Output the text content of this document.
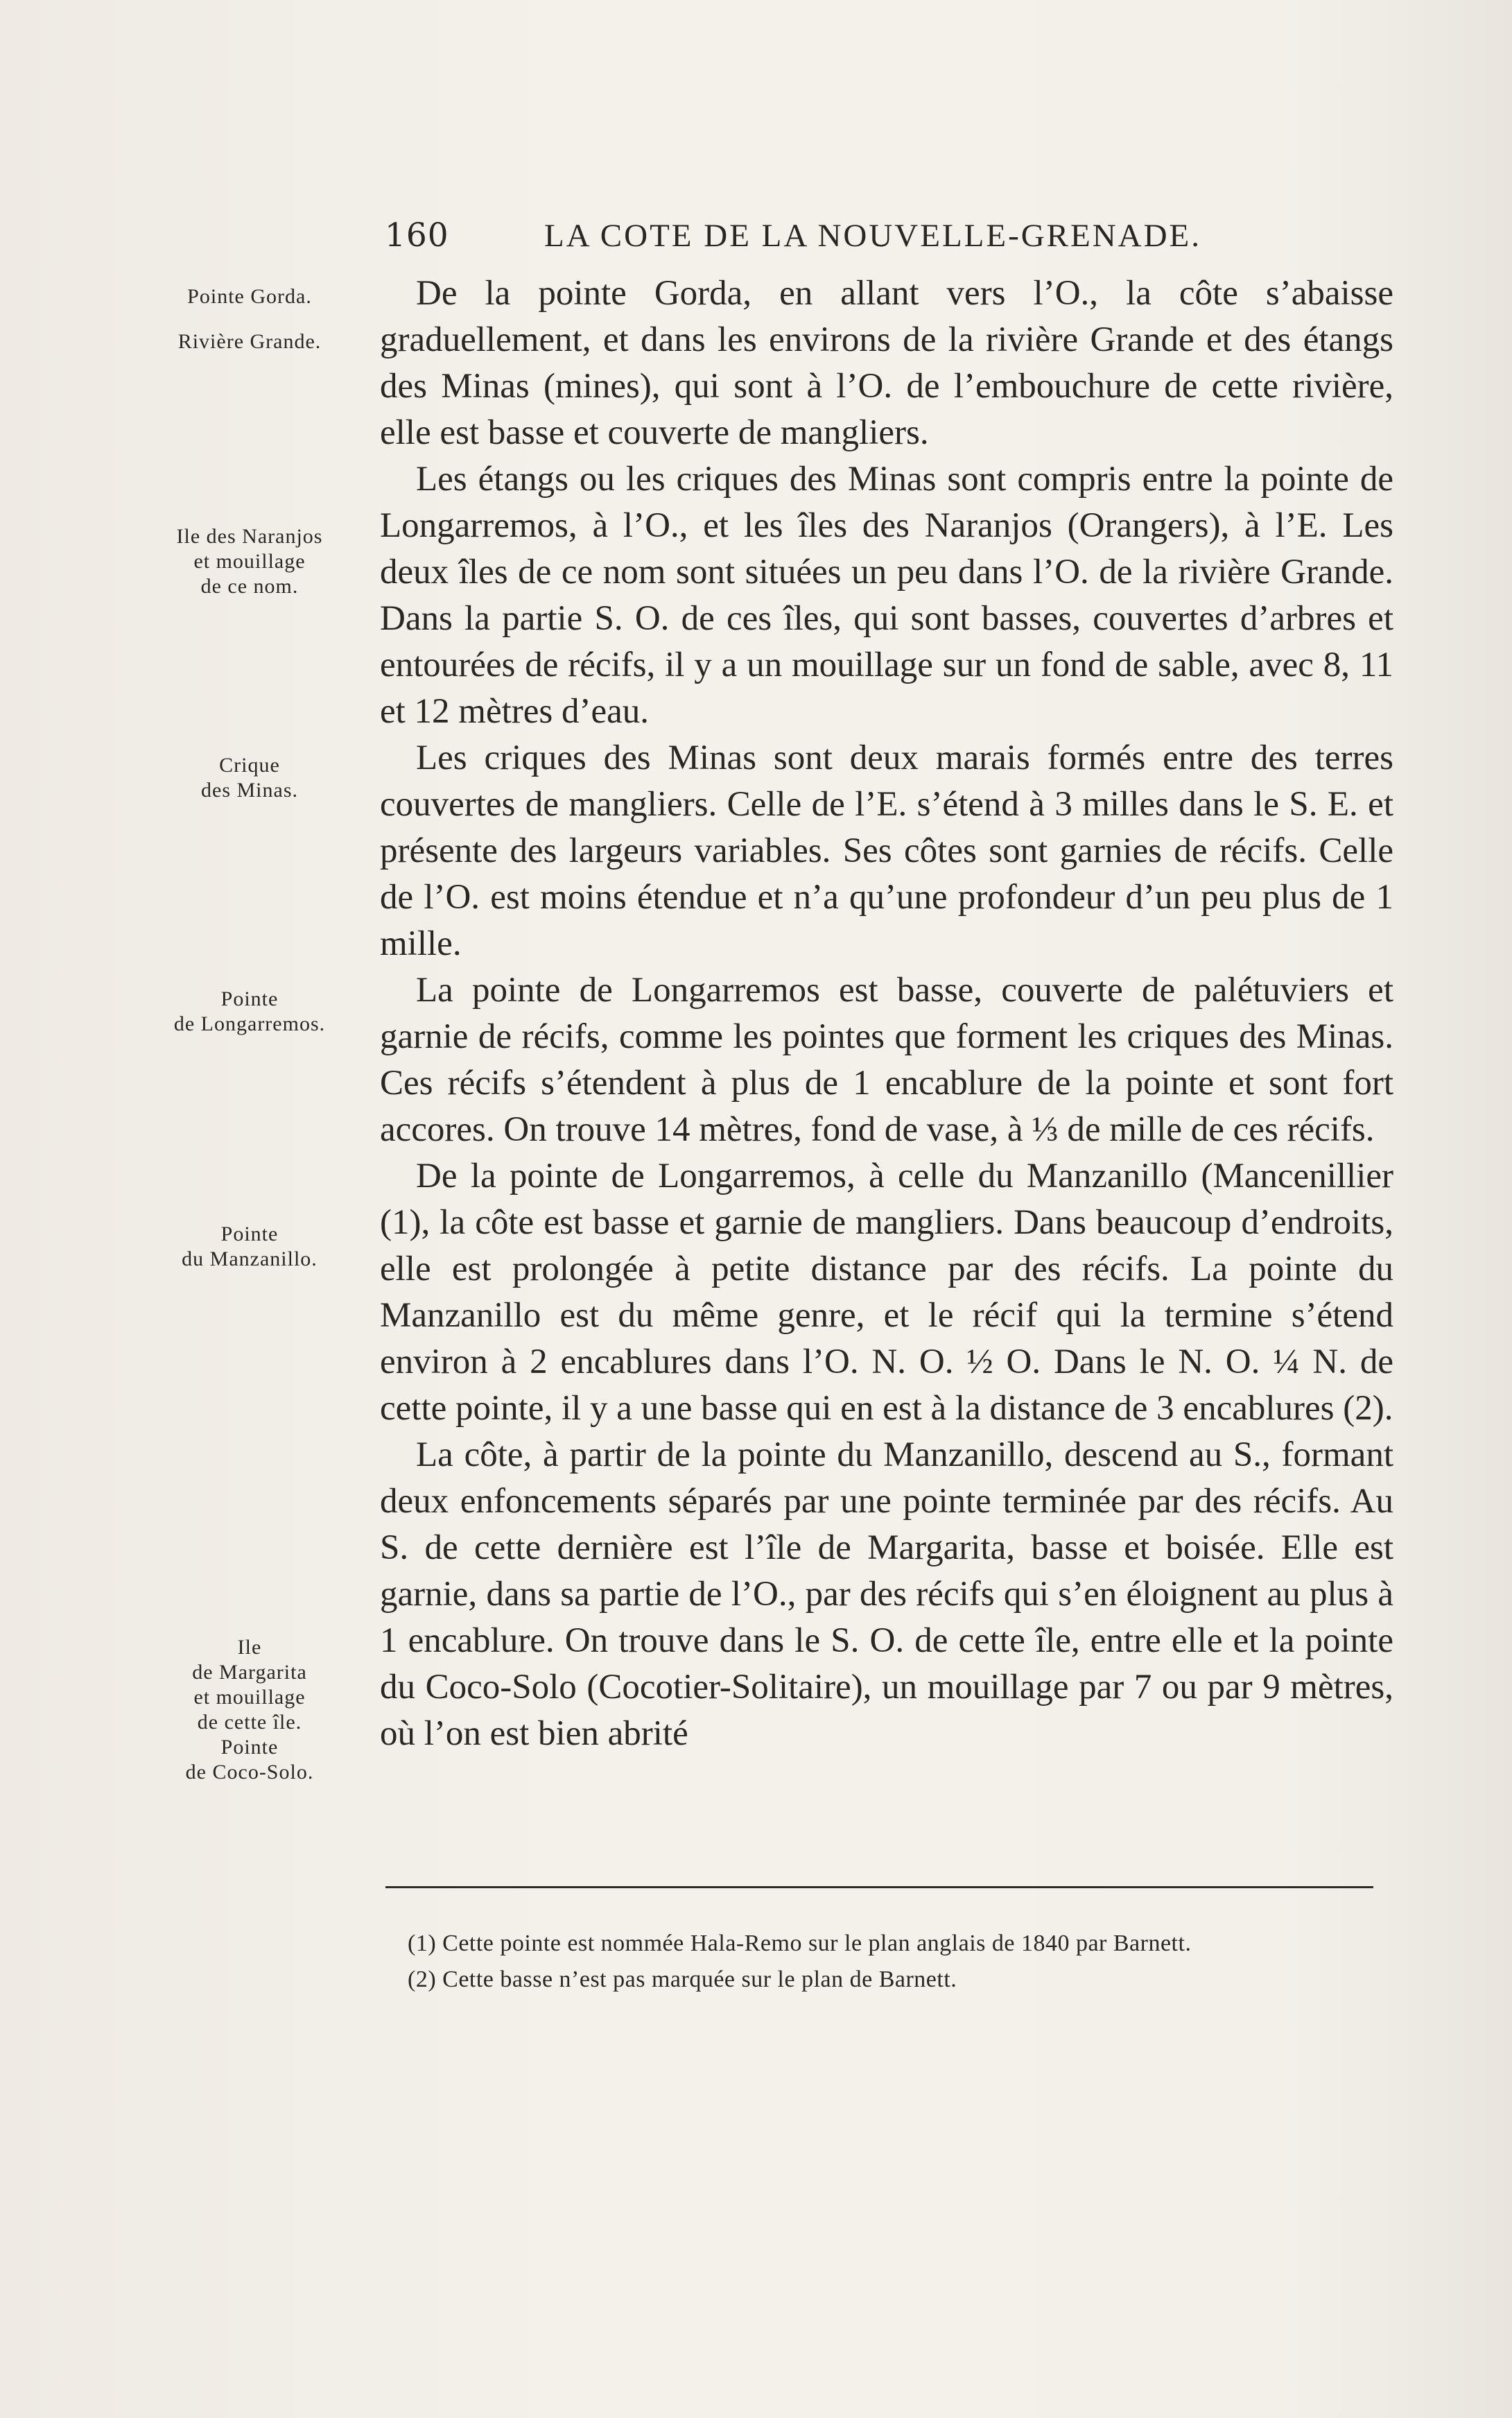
160	LA COTE DE LA NOUVELLE-GRENADE.
Pointe Gorda.
Rivière Grande.
Ile des Naranjos
et mouillage
de ce nom.
Crique
des Minas.
Pointe
de Longarremos.
Pointe
du Manzanillo.
Ile
de Margarita
et mouillage
de cette île.
Pointe
de Coco-Solo.

De la pointe Gorda, en allant vers l’O., la côte s’abaisse graduellement, et dans les environs de la rivière Grande et des étangs des Minas (mines), qui sont à l’O. de l’embouchure de cette rivière, elle est basse et couverte de mangliers.

Les étangs ou les criques des Minas sont compris entre la pointe de Longarremos, à l’O., et les îles des Naranjos (Orangers), à l’E. Les deux îles de ce nom sont situées un peu dans l’O. de la rivière Grande. Dans la partie S. O. de ces îles, qui sont basses, couvertes d’arbres et entourées de récifs, il y a un mouillage sur un fond de sable, avec 8, 11 et 12 mètres d’eau.

Les criques des Minas sont deux marais formés entre des terres couvertes de mangliers. Celle de l’E. s’étend à 3 milles dans le S. E. et présente des largeurs variables. Ses côtes sont garnies de récifs. Celle de l’O. est moins étendue et n’a qu’une profondeur d’un peu plus de 1 mille.

La pointe de Longarremos est basse, couverte de palétuviers et garnie de récifs, comme les pointes que forment les criques des Minas. Ces récifs s’étendent à plus de 1 encablure de la pointe et sont fort accores. On trouve 14 mètres, fond de vase, à ⅓ de mille de ces récifs.

De la pointe de Longarremos, à celle du Manzanillo (Mancenillier (1), la côte est basse et garnie de mangliers. Dans beaucoup d’endroits, elle est prolongée à petite distance par des récifs. La pointe du Manzanillo est du même genre, et le récif qui la termine s’étend environ à 2 encablures dans l’O. N. O. ½ O. Dans le N. O. ¼ N. de cette pointe, il y a une basse qui en est à la distance de 3 encablures (2).

La côte, à partir de la pointe du Manzanillo, descend au S., formant deux enfoncements séparés par une pointe terminée par des récifs. Au S. de cette dernière est l’île de Margarita, basse et boisée. Elle est garnie, dans sa partie de l’O., par des récifs qui s’en éloignent au plus à 1 encablure. On trouve dans le S. O. de cette île, entre elle et la pointe du Coco-Solo (Cocotier-Solitaire), un mouillage par 7 ou par 9 mètres, où l’on est bien abrité

(1) Cette pointe est nommée Hala-Remo sur le plan anglais de 1840 par Barnett.

(2) Cette basse n’est pas marquée sur le plan de Barnett.
